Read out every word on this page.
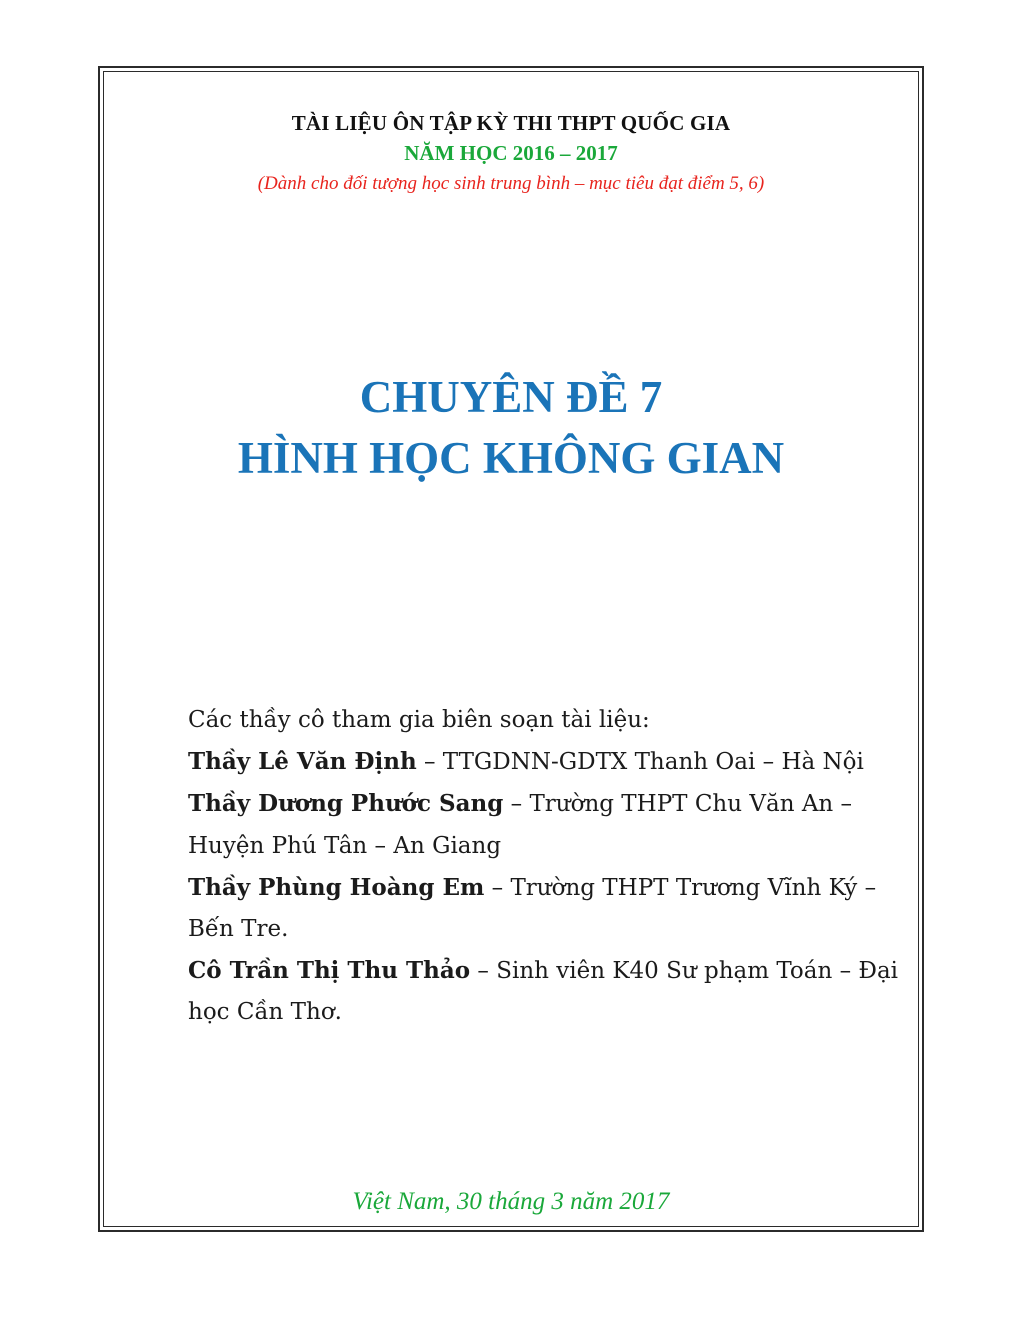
TÀI LIỆU ÔN TẬP KỲ THI THPT QUỐC GIA
NĂM HỌC 2016 – 2017
(Dành cho đối tượng học sinh trung bình – mục tiêu đạt điểm 5, 6)
CHUYÊN ĐỀ 7
HÌNH HỌC KHÔNG GIAN
Các thầy cô tham gia biên soạn tài liệu:
Thầy Lê Văn Định – TTGDNN-GDTX Thanh Oai – Hà Nội
Thầy Dương Phước Sang – Trường THPT Chu Văn An –
Huyện Phú Tân – An Giang
Thầy Phùng Hoàng Em – Trường THPT Trương Vĩnh Ký –
Bến Tre.
Cô Trần Thị Thu Thảo – Sinh viên K40 Sư phạm Toán – Đại
học Cần Thơ.
Việt Nam, 30 tháng 3 năm 2017
